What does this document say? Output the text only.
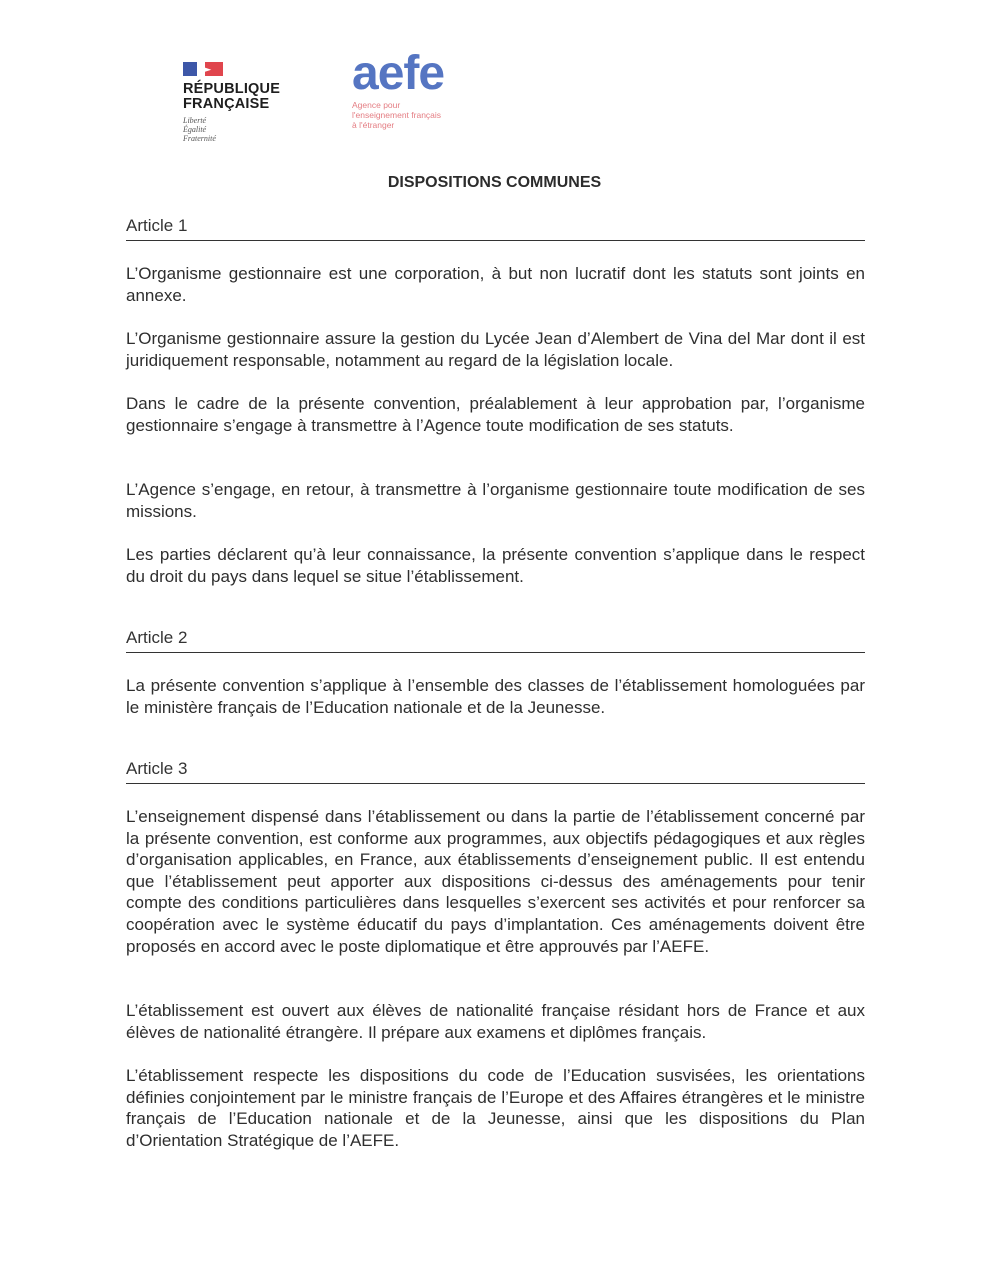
RÉPUBLIQUE
FRANÇAISE
Liberté
Égalité
Fraternité
aefe
Agence pour
l'enseignement français
à l'étranger
DISPOSITIONS COMMUNES
Article 1

L’Organisme gestionnaire est une corporation, à but non lucratif dont les statuts sont joints en annexe.

L’Organisme gestionnaire assure la gestion du Lycée Jean d’Alembert de Vina del Mar dont il est juridiquement responsable, notamment au regard de la législation locale.

Dans le cadre de la présente convention, préalablement à leur approbation par, l’organisme gestionnaire s’engage à transmettre à l’Agence toute modification de ses statuts.

L’Agence s’engage, en retour, à transmettre à l’organisme gestionnaire toute modification de ses missions.

Les parties déclarent qu’à leur connaissance, la présente convention s’applique dans le respect du droit du pays dans lequel se situe l’établissement.

Article 2

La présente convention s’applique à l’ensemble des classes de l’établissement homologuées par le ministère français de l’Education nationale et de la Jeunesse.

Article 3

L’enseignement dispensé dans l’établissement ou dans la partie de l’établissement concerné par la présente convention, est conforme aux programmes, aux objectifs pédagogiques et aux règles d’organisation applicables, en France, aux établissements d’enseignement public. Il est entendu que l’établissement peut apporter aux dispositions ci-dessus des aménagements pour tenir compte des conditions particulières dans lesquelles s’exercent ses activités et pour renforcer sa coopération avec le système éducatif du pays d’implantation. Ces aménagements doivent être proposés en accord avec le poste diplomatique et être approuvés par l’AEFE.

L’établissement est ouvert aux élèves de nationalité française résidant hors de France et aux élèves de nationalité étrangère. Il prépare aux examens et diplômes français.

L’établissement respecte les dispositions du code de l’Education susvisées, les orientations définies conjointement par le ministre français de l’Europe et des Affaires étrangères et le ministre français de l’Education nationale et de la Jeunesse, ainsi que les dispositions du Plan d’Orientation Stratégique de l’AEFE.
